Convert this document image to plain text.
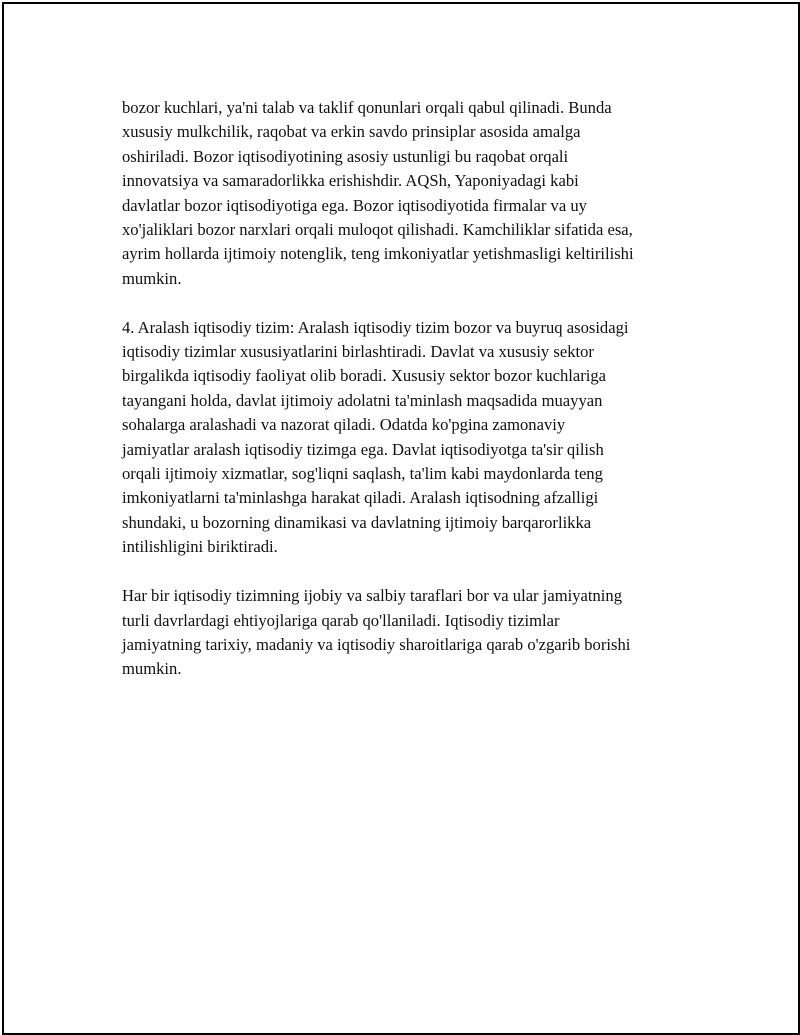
bozor kuchlari, ya'ni talab va taklif qonunlari orqali qabul qilinadi. Bunda
xususiy mulkchilik, raqobat va erkin savdo prinsiplar asosida amalga
oshiriladi. Bozor iqtisodiyotining asosiy ustunligi bu raqobat orqali
innovatsiya va samaradorlikka erishishdir. AQSh, Yaponiyadagi kabi
davlatlar bozor iqtisodiyotiga ega. Bozor iqtisodiyotida firmalar va uy
xo'jaliklari bozor narxlari orqali muloqot qilishadi. Kamchiliklar sifatida esa,
ayrim hollarda ijtimoiy notenglik, teng imkoniyatlar yetishmasligi keltirilishi
mumkin.

4. Aralash iqtisodiy tizim: Aralash iqtisodiy tizim bozor va buyruq asosidagi
iqtisodiy tizimlar xususiyatlarini birlashtiradi. Davlat va xususiy sektor
birgalikda iqtisodiy faoliyat olib boradi. Xususiy sektor bozor kuchlariga
tayangani holda, davlat ijtimoiy adolatni ta'minlash maqsadida muayyan
sohalarga aralashadi va nazorat qiladi. Odatda ko'pgina zamonaviy
jamiyatlar aralash iqtisodiy tizimga ega. Davlat iqtisodiyotga ta'sir qilish
orqali ijtimoiy xizmatlar, sog'liqni saqlash, ta'lim kabi maydonlarda teng
imkoniyatlarni ta'minlashga harakat qiladi. Aralash iqtisodning afzalligi
shundaki, u bozorning dinamikasi va davlatning ijtimoiy barqarorlikka
intilishligini biriktiradi.

Har bir iqtisodiy tizimning ijobiy va salbiy taraflari bor va ular jamiyatning
turli davrlardagi ehtiyojlariga qarab qo'llaniladi. Iqtisodiy tizimlar
jamiyatning tarixiy, madaniy va iqtisodiy sharoitlariga qarab o'zgarib borishi
mumkin.
